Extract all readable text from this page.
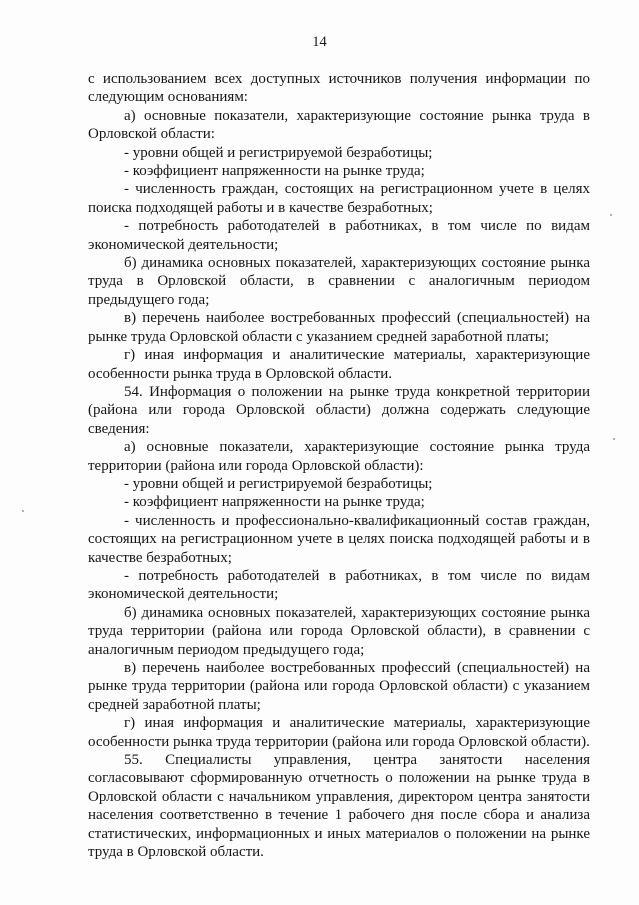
14

с использованием всех доступных источников получения информации по следующим основаниям:

а) основные показатели, характеризующие состояние рынка труда в Орловской области:

- уровни общей и регистрируемой безработицы;

- коэффициент напряженности на рынке труда;

- численность граждан, состоящих на регистрационном учете в целях поиска подходящей работы и в качестве безработных;

- потребность работодателей в работниках, в том числе по видам экономической деятельности;

б) динамика основных показателей, характеризующих состояние рынка труда в Орловской области, в сравнении с аналогичным периодом предыдущего года;

в) перечень наиболее востребованных профессий (специальностей) на рынке труда Орловской области с указанием средней заработной платы;

г) иная информация и аналитические материалы, характеризующие особенности рынка труда в Орловской области.

54. Информация о положении на рынке труда конкретной территории (района или города Орловской области) должна содержать следующие сведения:

а) основные показатели, характеризующие состояние рынка труда территории (района или города Орловской области):

- уровни общей и регистрируемой безработицы;

- коэффициент напряженности на рынке труда;

- численность и профессионально-квалификационный состав граждан, состоящих на регистрационном учете в целях поиска подходящей работы и в качестве безработных;

- потребность работодателей в работниках, в том числе по видам экономической деятельности;

б) динамика основных показателей, характеризующих состояние рынка труда территории (района или города Орловской области), в сравнении с аналогичным периодом предыдущего года;

в) перечень наиболее востребованных профессий (специальностей) на рынке труда территории (района или города Орловской области) с указанием средней заработной платы;

г) иная информация и аналитические материалы, характеризующие особенности рынка труда территории (района или города Орловской области).

55. Специалисты управления, центра занятости населения согласовывают сформированную отчетность о положении на рынке труда в Орловской области с начальником управления, директором центра занятости населения соответственно в течение 1 рабочего дня после сбора и анализа статистических, информационных и иных материалов о положении на рынке труда в Орловской области.
